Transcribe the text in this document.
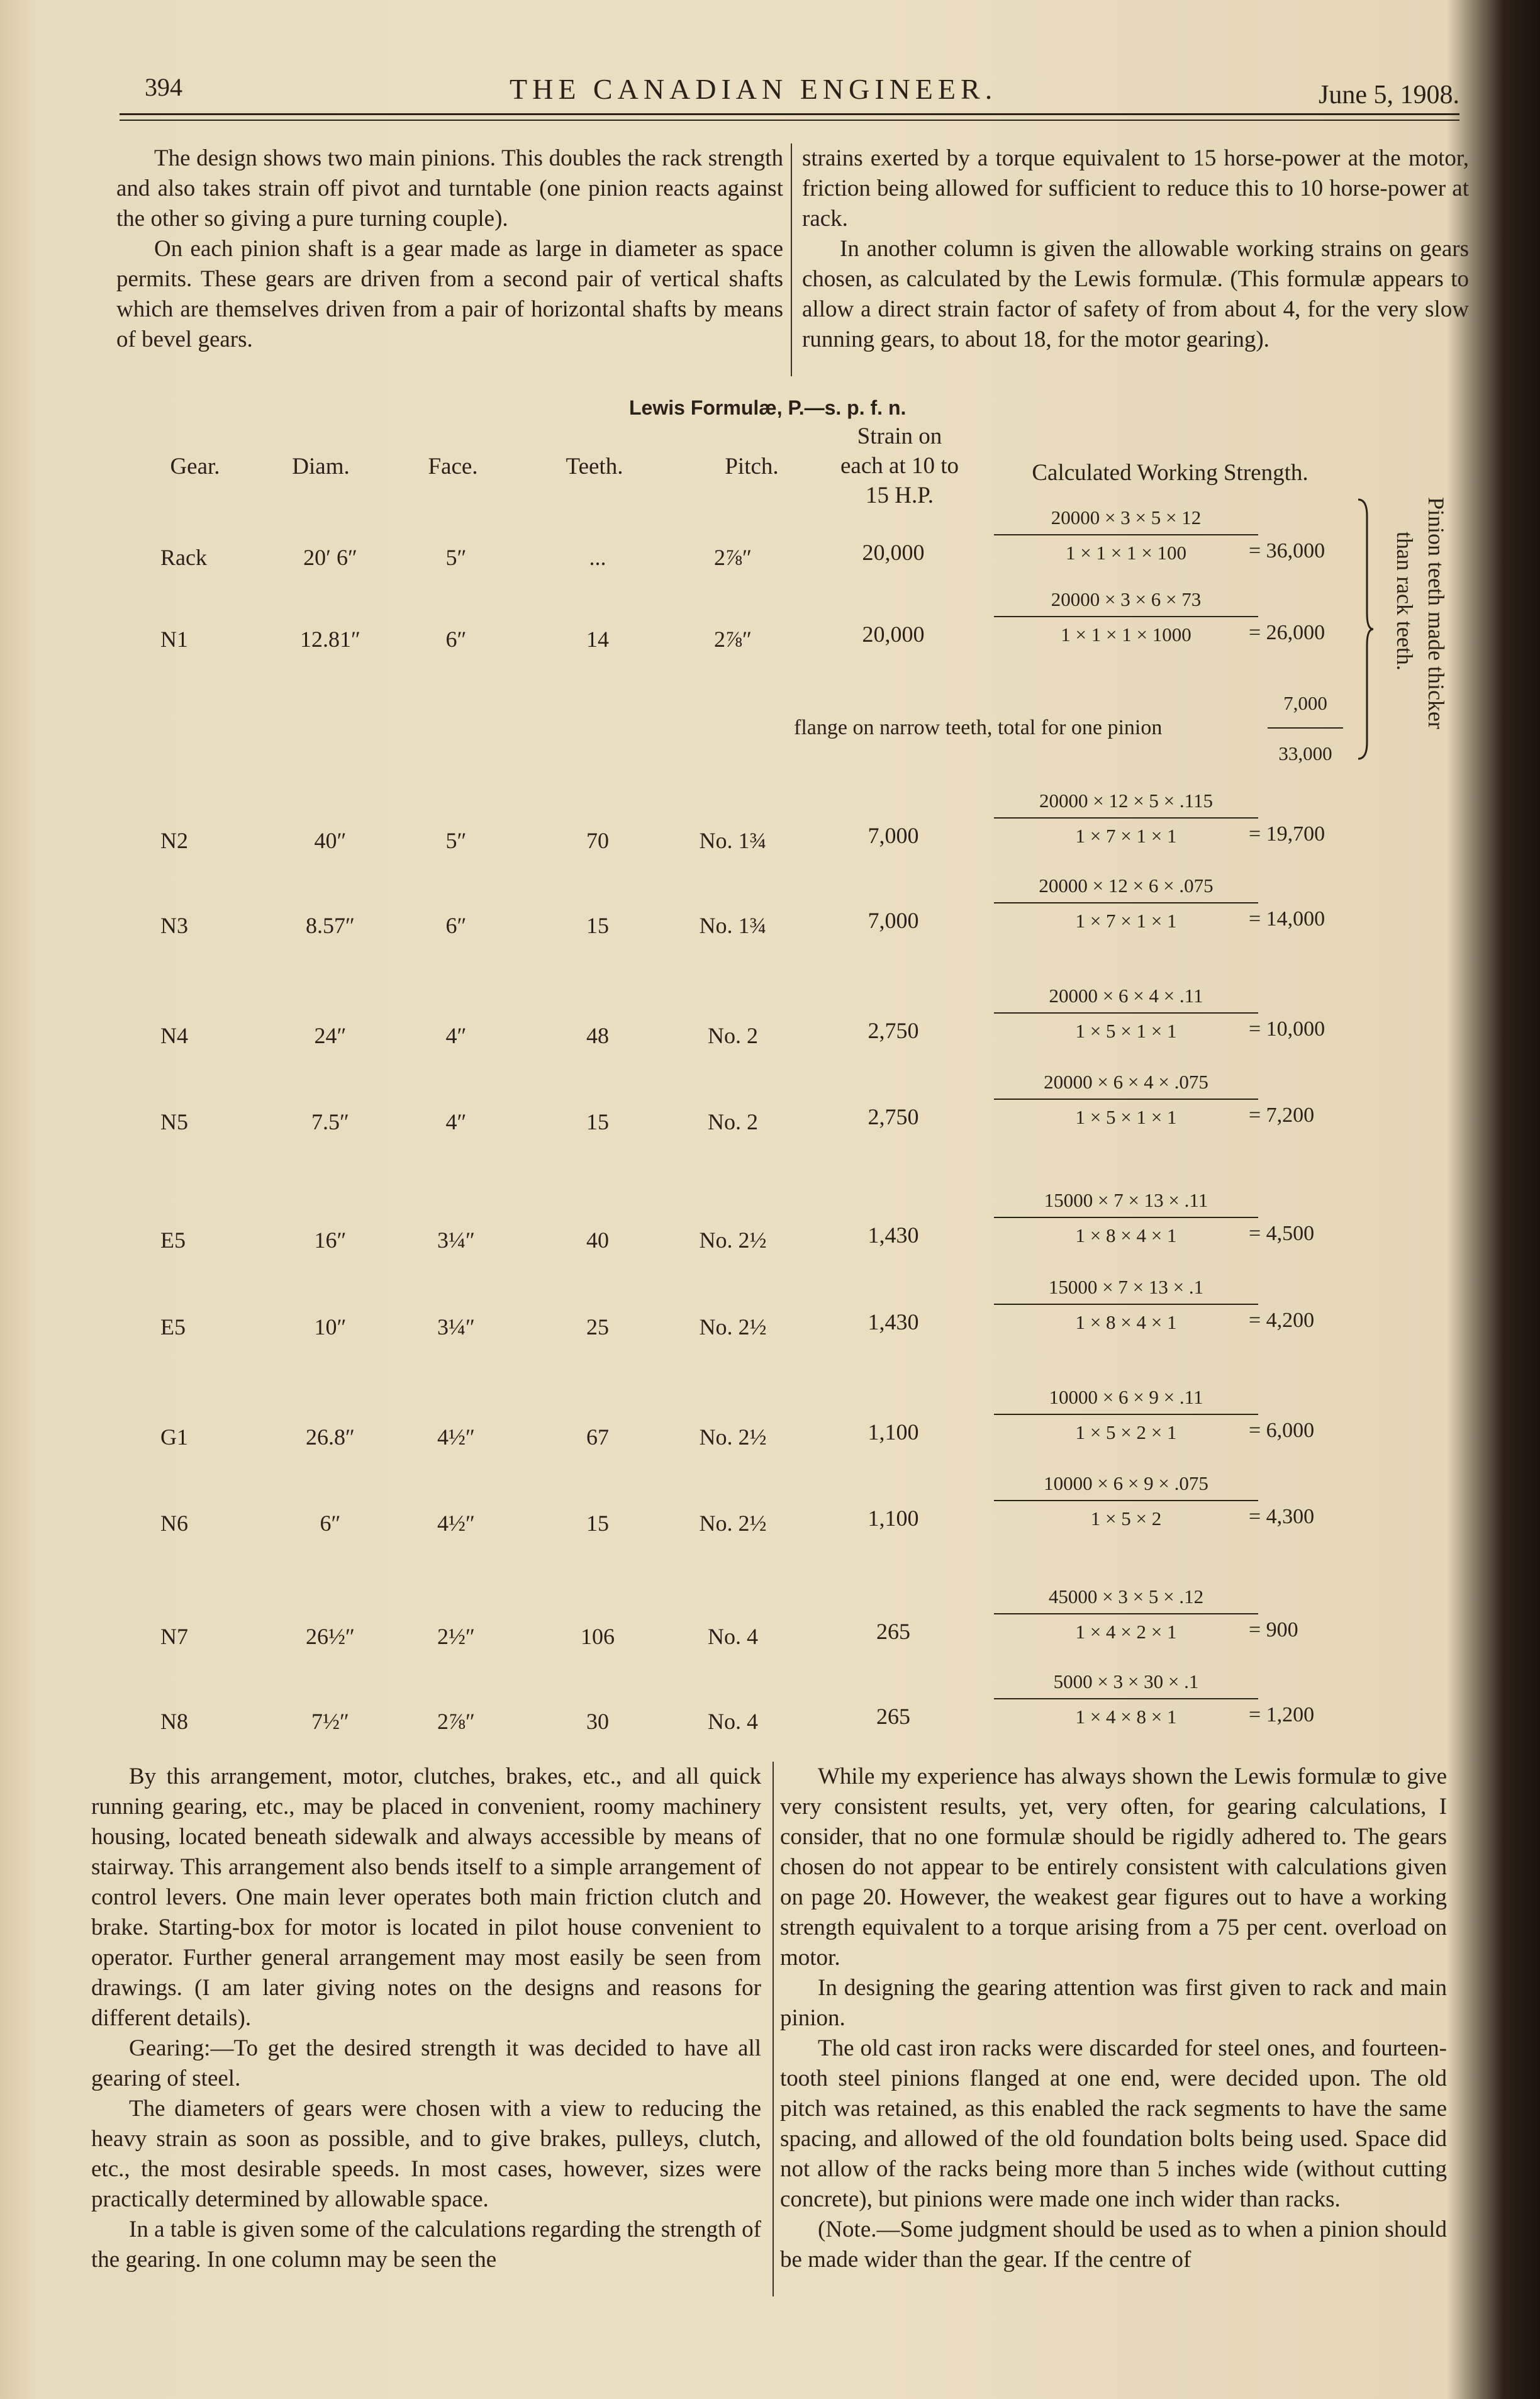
394	THE CANADIAN ENGINEER.	June 5, 1908.

The design shows two main pinions. This doubles the rack strength and also takes strain off pivot and turntable (one pinion reacts against the other so giving a pure turning couple).

On each pinion shaft is a gear made as large in diameter as space permits. These gears are driven from a second pair of vertical shafts which are themselves driven from a pair of horizontal shafts by means of bevel gears.

strains exerted by a torque equivalent to 15 horse-power at the motor, friction being allowed for sufficient to reduce this to 10 horse-power at rack.

In another column is given the allowable working strains on gears chosen, as calculated by the Lewis formulæ. (This formulæ appears to allow a direct strain factor of safety of from about 4, for the very slow running gears, to about 18, for the motor gearing).

Lewis Formulæ, P.—s. p. f. n.
Gear.	Diam.	Face.	Teeth.	Pitch.
Strain on each at 10 to 15 H.P.
Calculated Working Strength.
Rack	20′ 6″	5″	...	2⅞″	20,000
20000 × 3 × 5 × 12
1 × 1 × 1 × 100	= 36,000
N1	12.81″	6″	14	2⅞″	20,000
20000 × 3 × 6 × 73
1 × 1 × 1 × 1000	= 26,000
N2	40″	5″	70	No. 1¾	7,000
20000 × 12 × 5 × .115
1 × 7 × 1 × 1	= 19,700
N3	8.57″	6″	15	No. 1¾	7,000
20000 × 12 × 6 × .075
1 × 7 × 1 × 1	= 14,000
N4	24″	4″	48	No. 2	2,750
20000 × 6 × 4 × .11
1 × 5 × 1 × 1	= 10,000
N5	7.5″	4″	15	No. 2	2,750
20000 × 6 × 4 × .075
1 × 5 × 1 × 1	= 7,200
E5	16″	3¼″	40	No. 2½	1,430
15000 × 7 × 13 × .11
1 × 8 × 4 × 1	= 4,500
E5	10″	3¼″	25	No. 2½	1,430
15000 × 7 × 13 × .1
1 × 8 × 4 × 1	= 4,200
G1	26.8″	4½″	67	No. 2½	1,100
10000 × 6 × 9 × .11
1 × 5 × 2 × 1	= 6,000
N6	6″	4½″	15	No. 2½	1,100
10000 × 6 × 9 × .075
1 × 5 × 2	= 4,300
N7	26½″	2½″	106	No. 4	265
45000 × 3 × 5 × .12
1 × 4 × 2 × 1	= 900
N8	7½″	2⅞″	30	No. 4	265
5000 × 3 × 30 × .1
1 × 4 × 8 × 1	= 1,200
flange on narrow teeth, total for one pinion
7,000
33,000
Pinion teeth made thicker
than rack teeth.

By this arrangement, motor, clutches, brakes, etc., and all quick running gearing, etc., may be placed in convenient, roomy machinery housing, located beneath sidewalk and always accessible by means of stairway. This arrangement also bends itself to a simple arrangement of control levers. One main lever operates both main friction clutch and brake. Starting-box for motor is located in pilot house convenient to operator. Further general arrangement may most easily be seen from drawings. (I am later giving notes on the designs and reasons for different details).

Gearing:—To get the desired strength it was decided to have all gearing of steel.

The diameters of gears were chosen with a view to reducing the heavy strain as soon as possible, and to give brakes, pulleys, clutch, etc., the most desirable speeds. In most cases, however, sizes were practically determined by allowable space.

In a table is given some of the calculations regarding the strength of the gearing. In one column may be seen the

While my experience has always shown the Lewis formulæ to give very consistent results, yet, very often, for gearing calculations, I consider, that no one formulæ should be rigidly adhered to. The gears chosen do not appear to be entirely consistent with calculations given on page 20. However, the weakest gear figures out to have a working strength equivalent to a torque arising from a 75 per cent. overload on motor.

In designing the gearing attention was first given to rack and main pinion.

The old cast iron racks were discarded for steel ones, and fourteen-tooth steel pinions flanged at one end, were decided upon. The old pitch was retained, as this enabled the rack segments to have the same spacing, and allowed of the old foundation bolts being used. Space did not allow of the racks being more than 5 inches wide (without cutting concrete), but pinions were made one inch wider than racks.

(Note.—Some judgment should be used as to when a pinion should be made wider than the gear. If the centre of
